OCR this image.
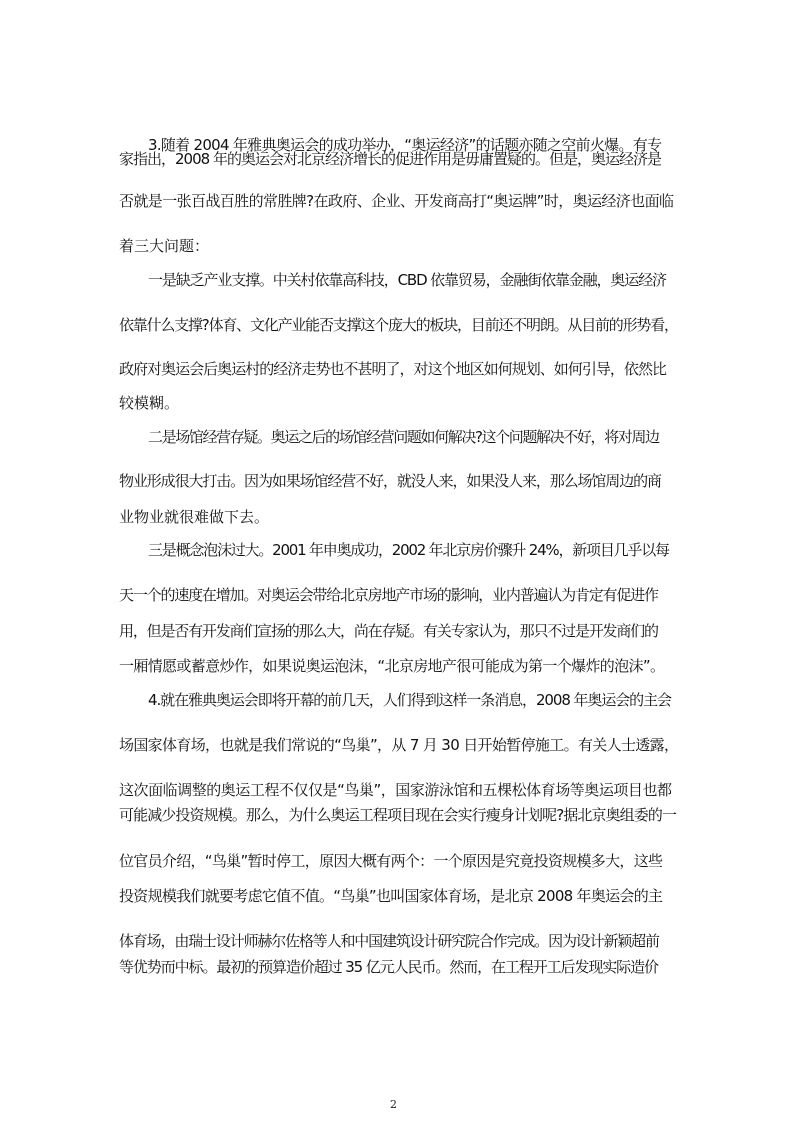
3.随着 2004 年雅典奥运会的成功举办，“奥运经济”的话题亦随之空前火爆。有专
家指出，2008 年的奥运会对北京经济增长的促进作用是毋庸置疑的。但是，奥运经济是
否就是一张百战百胜的常胜牌?在政府、企业、开发商高打“奥运牌”时，奥运经济也面临
着三大问题：
一是缺乏产业支撑。中关村依靠高科技，CBD 依靠贸易，金融街依靠金融，奥运经济
依靠什么支撑?体育、文化产业能否支撑这个庞大的板块，目前还不明朗。从目前的形势看，
政府对奥运会后奥运村的经济走势也不甚明了，对这个地区如何规划、如何引导，依然比
较模糊。
二是场馆经营存疑。奥运之后的场馆经营问题如何解决?这个问题解决不好，将对周边
物业形成很大打击。因为如果场馆经营不好，就没人来，如果没人来，那么场馆周边的商
业物业就很难做下去。
三是概念泡沫过大。2001 年申奥成功，2002 年北京房价骤升 24%，新项目几乎以每
天一个的速度在增加。对奥运会带给北京房地产市场的影响，业内普遍认为肯定有促进作
用，但是否有开发商们宣扬的那么大，尚在存疑。有关专家认为，那只不过是开发商们的
一厢情愿或蓄意炒作，如果说奥运泡沫，“北京房地产很可能成为第一个爆炸的泡沫”。
4.就在雅典奥运会即将开幕的前几天，人们得到这样一条消息，2008 年奥运会的主会
场国家体育场，也就是我们常说的“鸟巢”，从 7 月 30 日开始暂停施工。有关人士透露，
这次面临调整的奥运工程不仅仅是“鸟巢”，国家游泳馆和五棵松体育场等奥运项目也都
可能减少投资规模。那么，为什么奥运工程项目现在会实行瘦身计划呢?据北京奥组委的一
位官员介绍，“鸟巢”暂时停工，原因大概有两个：一个原因是究竟投资规模多大，这些
投资规模我们就要考虑它值不值。“鸟巢”也叫国家体育场，是北京 2008 年奥运会的主
体育场，由瑞士设计师赫尔佐格等人和中国建筑设计研究院合作完成。因为设计新颖超前
等优势而中标。最初的预算造价超过 35 亿元人民币。然而，在工程开工后发现实际造价
2
